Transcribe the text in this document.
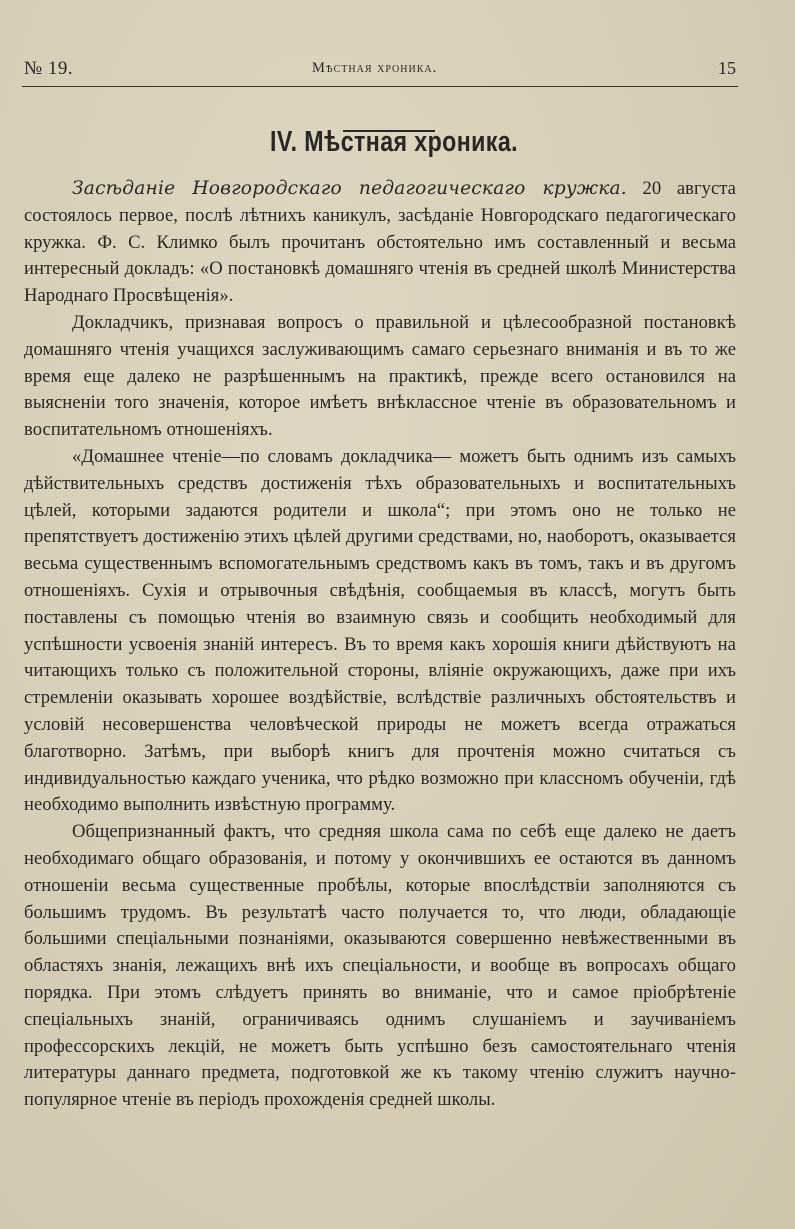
№ 19.	Мѣстная хроника.	15
IV. Мѣстная хроника.

Засѣданіе Новгородскаго педагогическаго кружка. 20 августа состоялось первое, послѣ лѣтнихъ каникулъ, засѣданіе Новгородскаго педагогическаго кружка. Ф. С. Климко былъ прочитанъ обстоятельно имъ составленный и весьма интересный докладъ: «О постановкѣ домашняго чтенія въ средней школѣ Министерства Народнаго Просвѣщенія».

Докладчикъ, признавая вопросъ о правильной и цѣлесообразной постановкѣ домашняго чтенія учащихся заслуживающимъ самаго серьезнаго вниманія и въ то же время еще далеко не разрѣшеннымъ на практикѣ, прежде всего остановился на выясненіи того значенія, которое имѣетъ внѣклассное чтеніе въ образовательномъ и воспитательномъ отношеніяхъ.

«Домашнее чтеніе—по словамъ докладчика— можетъ быть однимъ изъ самыхъ дѣйствительныхъ средствъ достиженія тѣхъ образовательныхъ и воспитательныхъ цѣлей, которыми задаются родители и школа“; при этомъ оно не только не препятствуетъ достиженію этихъ цѣлей другими средствами, но, наоборотъ, оказывается весьма существеннымъ вспомогательнымъ средствомъ какъ въ томъ, такъ и въ другомъ отношеніяхъ. Сухія и отрывочныя свѣдѣнія, сообщаемыя въ классѣ, могутъ быть поставлены съ помощью чтенія во взаимную связь и сообщить необходимый для успѣшности усвоенія знаній интересъ. Въ то время какъ хорошія книги дѣйствуютъ на читающихъ только съ положительной стороны, вліяніе окружающихъ, даже при ихъ стремленіи оказывать хорошее воздѣйствіе, вслѣдствіе различныхъ обстоятельствъ и условій несовершенства человѣческой природы не можетъ всегда отражаться благотворно. Затѣмъ, при выборѣ книгъ для прочтенія можно считаться съ индивидуальностью каждаго ученика, что рѣдко возможно при классномъ обученіи, гдѣ необходимо выполнить извѣстную программу.

Общепризнанный фактъ, что средняя школа сама по себѣ еще далеко не даетъ необходимаго общаго образованія, и потому у окончившихъ ее остаются въ данномъ отношеніи весьма существенные пробѣлы, которые впослѣдствіи заполняются съ большимъ трудомъ. Въ результатѣ часто получается то, что люди, обладающіе большими спеціальными познаніями, оказываются совершенно невѣжественными въ областяхъ знанія, лежащихъ внѣ ихъ спеціальности, и вообще въ вопросахъ общаго порядка. При этомъ слѣдуетъ принять во вниманіе, что и самое пріобрѣтеніе спеціальныхъ знаній, ограничиваясь однимъ слушаніемъ и заучиваніемъ профессорскихъ лекцій, не можетъ быть успѣшно безъ самостоятельнаго чтенія литературы даннаго предмета, подготовкой же къ такому чтенію служитъ научно-популярное чтеніе въ періодъ прохожденія средней школы.
